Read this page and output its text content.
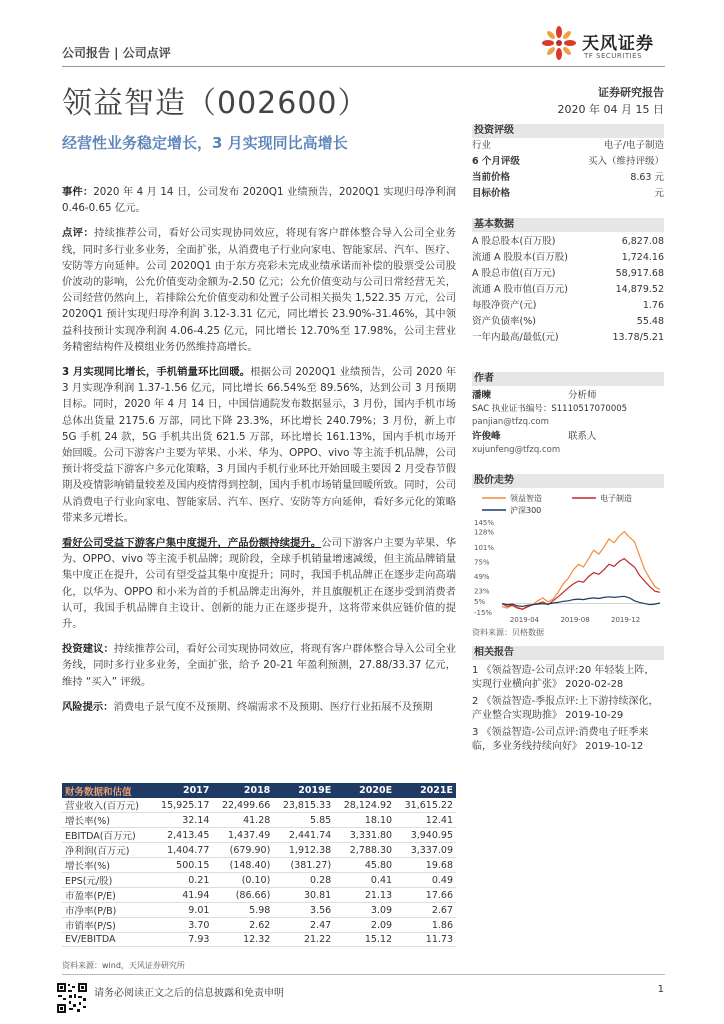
公司报告 | 公司点评	天风证券
TF SECURITIES
领益智造（002600）	证券研究报告
2020 年 04 月 15 日
经营性业务稳定增长，3 月实现同比高增长

事件：2020 年 4 月 14 日，公司发布 2020Q1 业绩预告，2020Q1 实现归母净利润 0.46-0.65 亿元。

点评：持续推荐公司，看好公司实现协同效应，将现有客户群体整合导入公司全业务线，同时多行业多业务，全面扩张，从消费电子行业向家电、智能家居、汽车、医疗、安防等方向延伸。公司 2020Q1 由于东方亮彩未完成业绩承诺而补偿的股票受公司股价波动的影响，公允价值变动金额为-2.50 亿元；公允价值变动与公司日常经营无关，公司经营仍然向上，若排除公允价值变动和处置子公司相关损失 1,522.35 万元，公司 2020Q1 预计实现归母净利润 3.12-3.31 亿元，同比增长 23.90%-31.46%，其中领益科技预计实现净利润 4.06-4.25 亿元，同比增长 12.70%至 17.98%，公司主营业务精密结构件及模组业务仍然维持高增长。

3 月实现同比增长，手机销量环比回暖。根据公司 2020Q1 业绩预告，公司 2020 年 3 月实现净利润 1.37-1.56 亿元，同比增长 66.54%至 89.56%，达到公司 3 月预期目标。同时，2020 年 4 月 14 日，中国信通院发布数据显示，3 月份，国内手机市场总体出货量 2175.6 万部，同比下降 23.3%，环比增长 240.79%；3 月份，新上市 5G 手机 24 款，5G 手机共出货 621.5 万部，环比增长 161.13%，国内手机市场开始回暖。公司下游客户主要为苹果、小米、华为、OPPO、vivo 等主流手机品牌，公司预计将受益下游客户多元化策略，3 月国内手机行业环比开始回暖主要因 2 月受春节假期及疫情影响销量较差及国内疫情得到控制，国内手机市场销量回暖所致。同时，公司从消费电子行业向家电、智能家居、汽车、医疗、安防等方向延伸，看好多元化的策略带来多元增长。

看好公司受益下游客户集中度提升，产品份额持续提升。公司下游客户主要为苹果、华为、OPPO、vivo 等主流手机品牌；现阶段，全球手机销量增速减缓，但主流品牌销量集中度正在提升，公司有望受益其集中度提升；同时，我国手机品牌正在逐步走向高端化，以华为、OPPO 和小米为首的手机品牌走出海外，并且旗舰机正在逐步受到消费者认可，我国手机品牌自主设计、创新的能力正在逐步提升，这将带来供应链价值的提升。

投资建议：持续推荐公司，看好公司实现协同效应，将现有客户群体整合导入公司全业务线，同时多行业多业务，全面扩张，给予 20-21 年盈利预测，27.88/33.37 亿元，维持 “买入” 评级。

风险提示：消费电子景气度不及预期、终端需求不及预期、医疗行业拓展不及预期

投资评级
行业	电子/电子制造
6 个月评级	买入（维持评级）
当前价格	8.63 元
目标价格	元
基本数据
A 股总股本(百万股)	6,827.08
流通 A 股股本(百万股)	1,724.16
A 股总市值(百万元)	58,917.68
流通 A 股市值(百万元)	14,879.52
每股净资产(元)	1.76
资产负债率(%)	55.48
一年内最高/最低(元)	13.78/5.21
作者
潘暕	分析师
SAC 执业证书编号：S1110517070005
panjian@tfzq.com
许俊峰	联系人
xujunfeng@tfzq.com
股价走势
领益智造	电子制造
沪深300
145%
128%
101%
75%
49%
23%
5%
-15%
2019-04	2019-08	2019-12
资料来源：贝格数据
相关报告
1 《领益智造-公司点评:20 年轻装上阵，实现行业横向扩张》 2020-02-28
2 《领益智造-季报点评:上下游持续深化，产业整合实现助推》 2019-10-29
3 《领益智造-公司点评:消费电子旺季来临，多业务线持续向好》 2019-10-12
财务数据和估值	2017	2018	2019E	2020E	2021E
营业收入(百万元)	15,925.17	22,499.66	23,815.33	28,124.92	31,615.22
增长率(%)	32.14	41.28	5.85	18.10	12.41
EBITDA(百万元)	2,413.45	1,437.49	2,441.74	3,331.80	3,940.95
净利润(百万元)	1,404.77	(679.90)	1,912.38	2,788.30	3,337.09
增长率(%)	500.15	(148.40)	(381.27)	45.80	19.68
EPS(元/股)	0.21	(0.10)	0.28	0.41	0.49
市盈率(P/E)	41.94	(86.66)	30.81	21.13	17.66
市净率(P/B)	9.01	5.98	3.56	3.09	2.67
市销率(P/S)	3.70	2.62	2.47	2.09	1.86
EV/EBITDA	7.93	12.32	21.22	15.12	11.73
资料来源：wind，天风证券研究所
请务必阅读正文之后的信息披露和免责申明	1
